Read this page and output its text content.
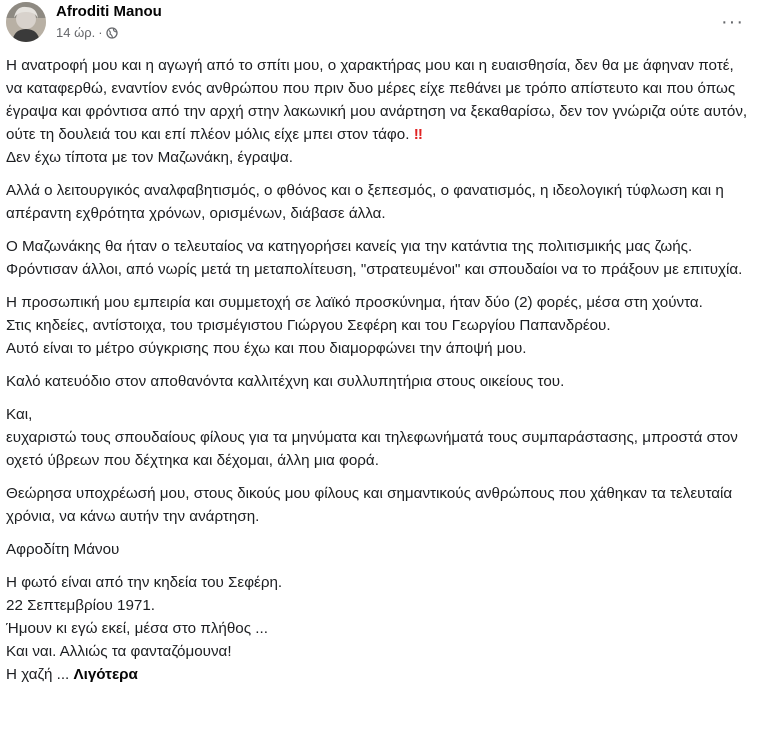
Afroditi Manou
14 ώρ. ·	···

Η ανατροφή μου και η αγωγή από το σπίτι μου, ο χαρακτήρας μου και η ευαισθησία, δεν θα με άφηναν ποτέ, να καταφερθώ, εναντίον ενός ανθρώπου που πριν δυο μέρες είχε πεθάνει με τρόπο απίστευτο και που όπως έγραψα και φρόντισα από την αρχή στην λακωνική μου ανάρτηση να ξεκαθαρίσω, δεν τον γνώριζα ούτε αυτόν, ούτε τη δουλειά του και επί πλέον μόλις είχε μπει στον τάφο. ‼

Δεν έχω τίποτα με τον Μαζωνάκη, έγραψα.

Αλλά ο λειτουργικός αναλφαβητισμός, ο φθόνος και ο ξεπεσμός, ο φανατισμός, η ιδεολογική τύφλωση και η απέραντη εχθρότητα χρόνων, ορισμένων, διάβασε άλλα.

Ο Μαζωνάκης θα ήταν ο τελευταίος να κατηγορήσει κανείς για την κατάντια της πολιτισμικής μας ζωής. Φρόντισαν άλλοι, από νωρίς μετά τη μεταπολίτευση, "στρατευμένοι" και σπουδαίοι να το πράξουν με επιτυχία.

Η προσωπική μου εμπειρία και συμμετοχή σε λαϊκό προσκύνημα, ήταν δύο (2) φορές, μέσα στη χούντα.

Στις κηδείες, αντίστοιχα, του τρισμέγιστου Γιώργου Σεφέρη και του Γεωργίου Παπανδρέου.

Αυτό είναι το μέτρο σύγκρισης που έχω και που διαμορφώνει την άποψή μου.

Καλό κατευόδιο στον αποθανόντα καλλιτέχνη και συλλυπητήρια στους οικείους του.

Και,

ευχαριστώ τους σπουδαίους φίλους για τα μηνύματα και τηλεφωνήματά τους συμπαράστασης, μπροστά στον οχετό ύβρεων που δέχτηκα και δέχομαι, άλλη μια φορά.

Θεώρησα υποχρέωσή μου, στους δικούς μου φίλους και σημαντικούς ανθρώπους που χάθηκαν τα τελευταία χρόνια, να κάνω αυτήν την ανάρτηση.

Αφροδίτη Μάνου

Η φωτό είναι από την κηδεία του Σεφέρη.

22 Σεπτεμβρίου 1971.

Ήμουν κι εγώ εκεί, μέσα στο πλήθος ...

Και ναι. Αλλιώς τα φανταζόμουνα!

Η χαζή ... Λιγότερα
